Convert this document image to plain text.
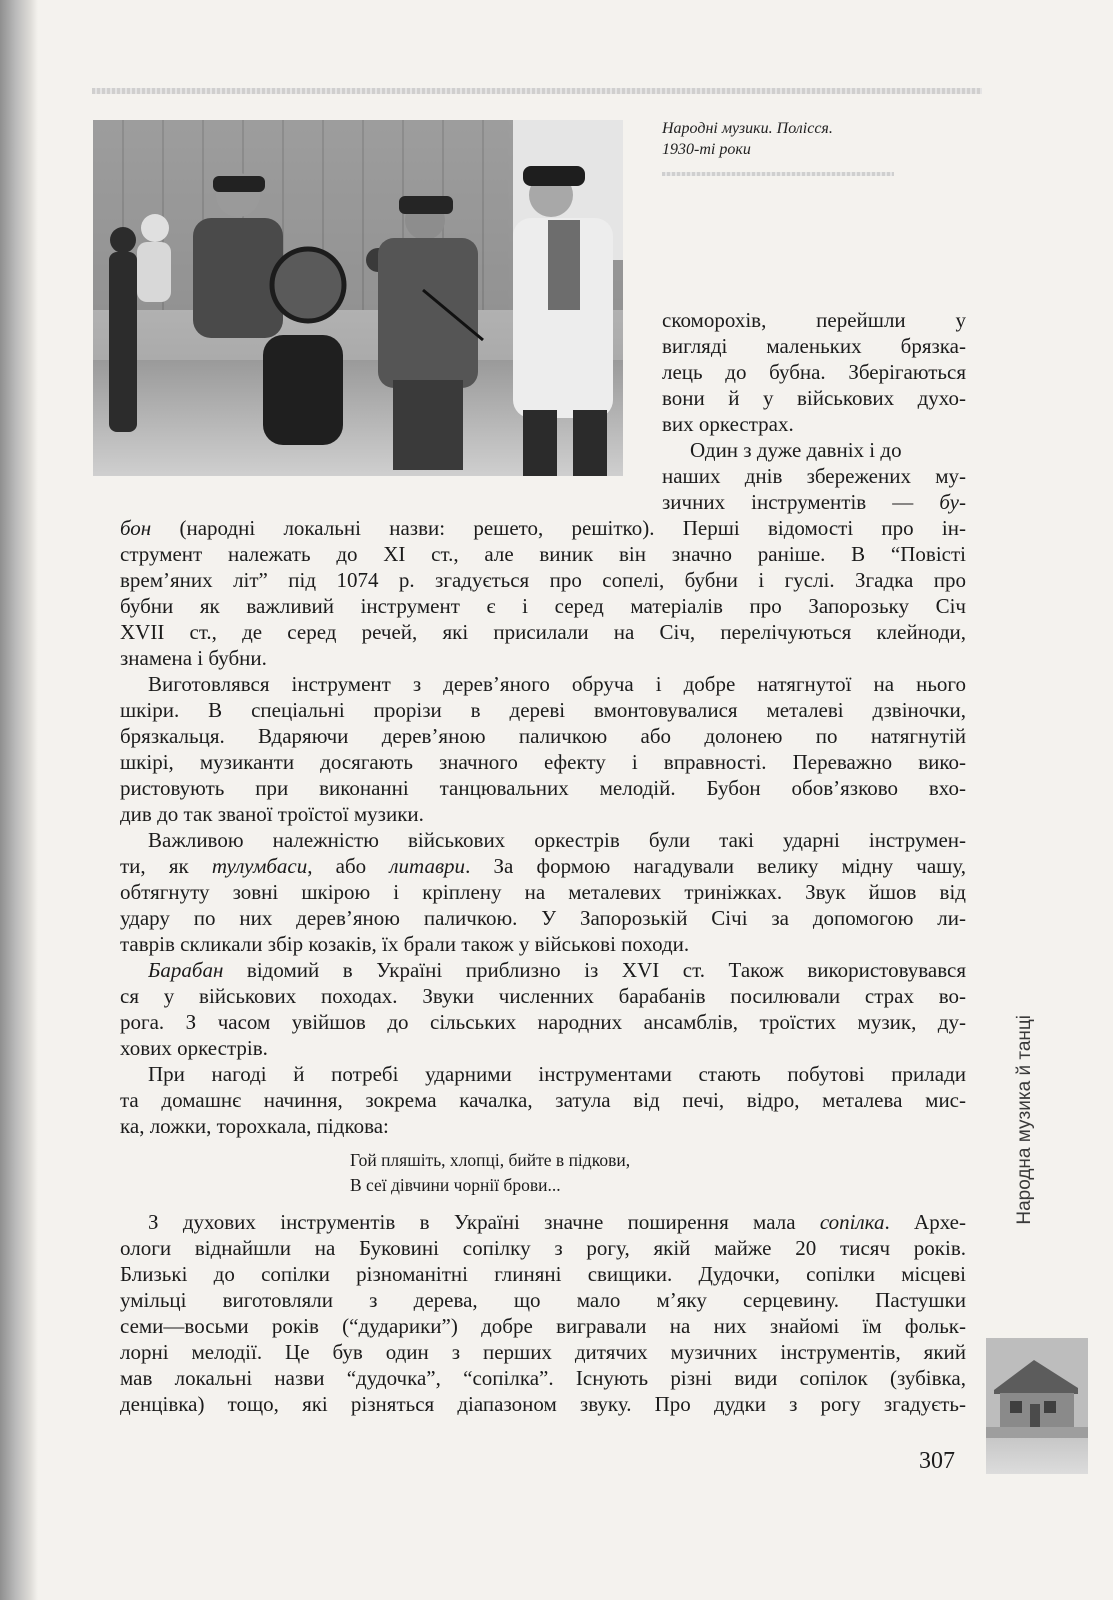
Народні музики. Полісся.
1930-ті роки
скоморохів, перейшли у
вигляді маленьких брязка-
лець до бубна. Зберігаються
вони й у військових духо-
вих оркестрах.
Один з дуже давніх і до
наших днів збережених му-
зичних інструментів — бу-
бон (народні локальні назви: решето, решітко). Перші відомості про ін-
струмент належать до XI ст., але виник він значно раніше. В “Повісті
врем’яних літ” під 1074 р. згадується про сопелі, бубни і гуслі. Згадка про
бубни як важливий інструмент є і серед матеріалів про Запорозьку Січ
XVII ст., де серед речей, які присилали на Січ, перелічуються клейноди,
знамена і бубни.
Виготовлявся інструмент з дерев’яного обруча і добре натягнутої на нього
шкіри. В спеціальні прорізи в дереві вмонтовувалися металеві дзвіночки,
брязкальця. Вдаряючи дерев’яною паличкою або долонею по натягнутій
шкірі, музиканти досягають значного ефекту і вправності. Переважно вико-
ристовують при виконанні танцювальних мелодій. Бубон обов’язково вхо-
див до так званої троїстої музики.
Важливою належністю військових оркестрів були такі ударні інструмен-
ти, як тулумбаси, або литаври. За формою нагадували велику мідну чашу,
обтягнуту зовні шкірою і кріплену на металевих триніжках. Звук йшов від
удару по них дерев’яною паличкою. У Запорозькій Січі за допомогою ли-
таврів скликали збір козаків, їх брали також у військові походи.
Барабан відомий в Україні приблизно із XVI ст. Також використовувався
ся у військових походах. Звуки численних барабанів посилювали страх во-
рога. З часом увійшов до сільських народних ансамблів, троїстих музик, ду-
хових оркестрів.
При нагоді й потребі ударними інструментами стають побутові прилади
та домашнє начиння, зокрема качалка, затула від печі, відро, металева мис-
ка, ложки, торохкала, підкова:
Гой пляшіть, хлопці, бийте в підкови,
В сеї дівчини чорнії брови...
З духових інструментів в Україні значне поширення мала сопілка. Архе-
ологи віднайшли на Буковині сопілку з рогу, якій майже 20 тисяч років.
Близькі до сопілки різноманітні глиняні свищики. Дудочки, сопілки місцеві
умільці виготовляли з дерева, що мало м’яку серцевину. Пастушки
семи—восьми років (“дударики”) добре вигравали на них знайомі їм фольк-
лорні мелодії. Це був один з перших дитячих музичних інструментів, який
мав локальні назви “дудочка”, “сопілка”. Існують різні види сопілок (зубівка,
денцівка) тощо, які різняться діапазоном звуку. Про дудки з рогу згадуєть-
307
Народна музика й танці
